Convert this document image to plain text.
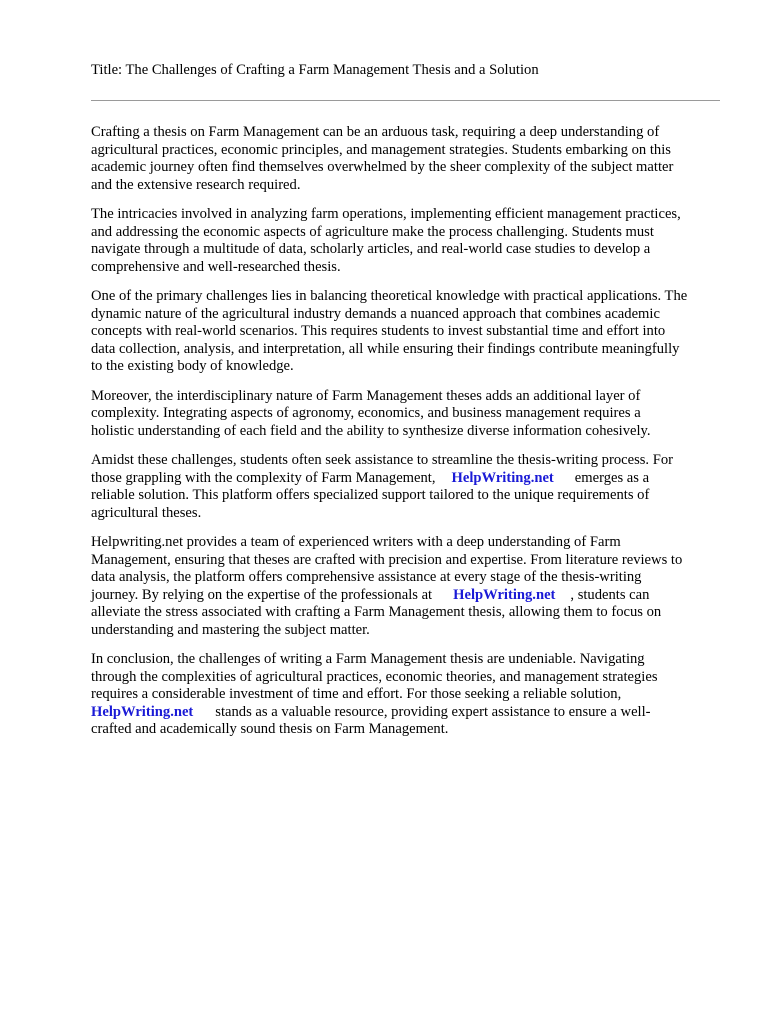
Title: The Challenges of Crafting a Farm Management Thesis and a Solution
Crafting a thesis on Farm Management can be an arduous task, requiring a deep understanding of
agricultural practices, economic principles, and management strategies. Students embarking on this
academic journey often find themselves overwhelmed by the sheer complexity of the subject matter
and the extensive research required.
The intricacies involved in analyzing farm operations, implementing efficient management practices,
and addressing the economic aspects of agriculture make the process challenging. Students must
navigate through a multitude of data, scholarly articles, and real-world case studies to develop a
comprehensive and well-researched thesis.
One of the primary challenges lies in balancing theoretical knowledge with practical applications. The
dynamic nature of the agricultural industry demands a nuanced approach that combines academic
concepts with real-world scenarios. This requires students to invest substantial time and effort into
data collection, analysis, and interpretation, all while ensuring their findings contribute meaningfully
to the existing body of knowledge.
Moreover, the interdisciplinary nature of Farm Management theses adds an additional layer of
complexity. Integrating aspects of agronomy, economics, and business management requires a
holistic understanding of each field and the ability to synthesize diverse information cohesively.
Amidst these challenges, students often seek assistance to streamline the thesis-writing process. For
those grappling with the complexity of Farm Management, HelpWriting.net emerges as a
reliable solution. This platform offers specialized support tailored to the unique requirements of
agricultural theses.
Helpwriting.net provides a team of experienced writers with a deep understanding of Farm
Management, ensuring that theses are crafted with precision and expertise. From literature reviews to
data analysis, the platform offers comprehensive assistance at every stage of the thesis-writing
journey. By relying on the expertise of the professionals at HelpWriting.net , students can
alleviate the stress associated with crafting a Farm Management thesis, allowing them to focus on
understanding and mastering the subject matter.
In conclusion, the challenges of writing a Farm Management thesis are undeniable. Navigating
through the complexities of agricultural practices, economic theories, and management strategies
requires a considerable investment of time and effort. For those seeking a reliable solution,
HelpWriting.net stands as a valuable resource, providing expert assistance to ensure a well-
crafted and academically sound thesis on Farm Management.
